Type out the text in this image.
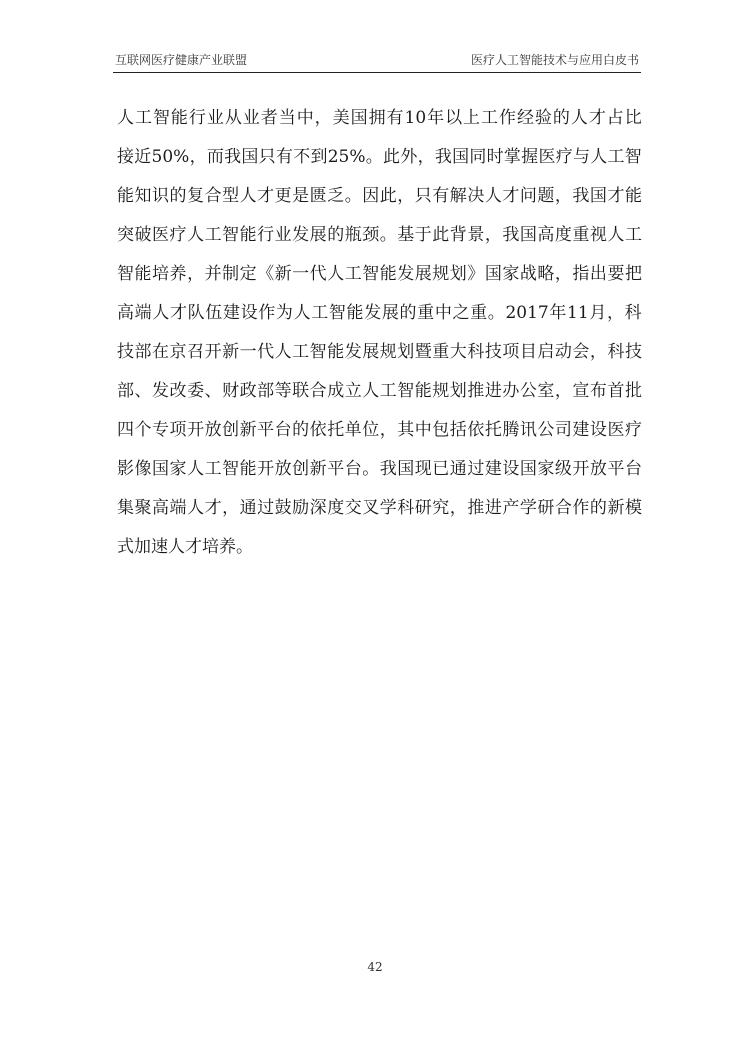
互联网医疗健康产业联盟	医疗人工智能技术与应用白皮书
人 工 智 能 行 业 从 业 者 当 中 ， 美 国 拥 有 10 年 以 上 工 作 经 验 的 人 才 占 比
接 近 50% ， 而 我 国 只 有 不 到 25% 。 此 外 ， 我 国 同 时 掌 握 医 疗 与 人 工 智
能 知 识 的 复 合 型 人 才 更 是 匮 乏 。 因 此 ， 只 有 解 决 人 才 问 题 ， 我 国 才 能
突 破 医 疗 人 工 智 能 行 业 发 展 的 瓶 颈 。 基 于 此 背 景 ， 我 国 高 度 重 视 人 工
智 能 培 养 ， 并 制 定 《 新 一 代 人 工 智 能 发 展 规 划 》 国 家 战 略 ， 指 出 要 把
高 端 人 才 队 伍 建 设 作 为 人 工 智 能 发 展 的 重 中 之 重 。 2017 年 11 月 ， 科
技 部 在 京 召 开 新 一 代 人 工 智 能 发 展 规 划 暨 重 大 科 技 项 目 启 动 会 ， 科 技
部 、 发 改 委 、 财 政 部 等 联 合 成 立 人 工 智 能 规 划 推 进 办 公 室 ， 宣 布 首 批
四 个 专 项 开 放 创 新 平 台 的 依 托 单 位 ， 其 中 包 括 依 托 腾 讯 公 司 建 设 医 疗
影 像 国 家 人 工 智 能 开 放 创 新 平 台 。 我 国 现 已 通 过 建 设 国 家 级 开 放 平 台
集 聚 高 端 人 才 ， 通 过 鼓 励 深 度 交 叉 学 科 研 究 ， 推 进 产 学 研 合 作 的 新 模
式加速人才培养。
42
